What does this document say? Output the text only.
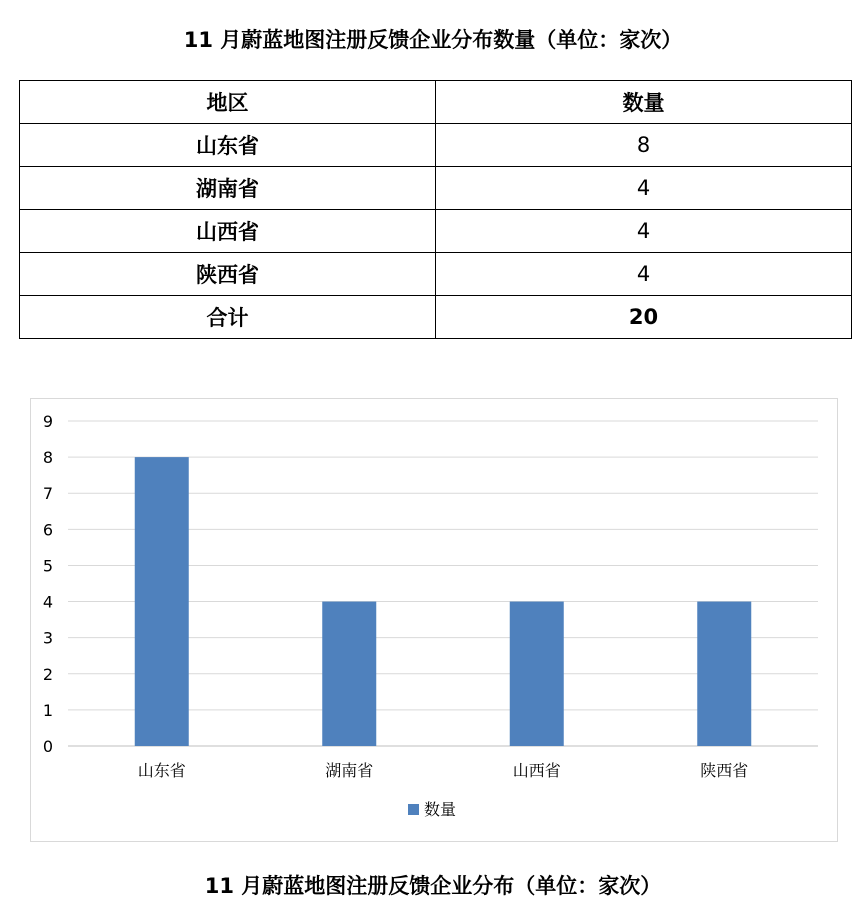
11 月蔚蓝地图注册反馈企业分布数量（单位：家次）
地区	数量
山东省	8
湖南省	4
山西省	4
陕西省	4
合计	20
0
1
2
3
4
5
6
7
8
9
山东省	湖南省	山西省	陕西省
数量
11 月蔚蓝地图注册反馈企业分布（单位：家次）
